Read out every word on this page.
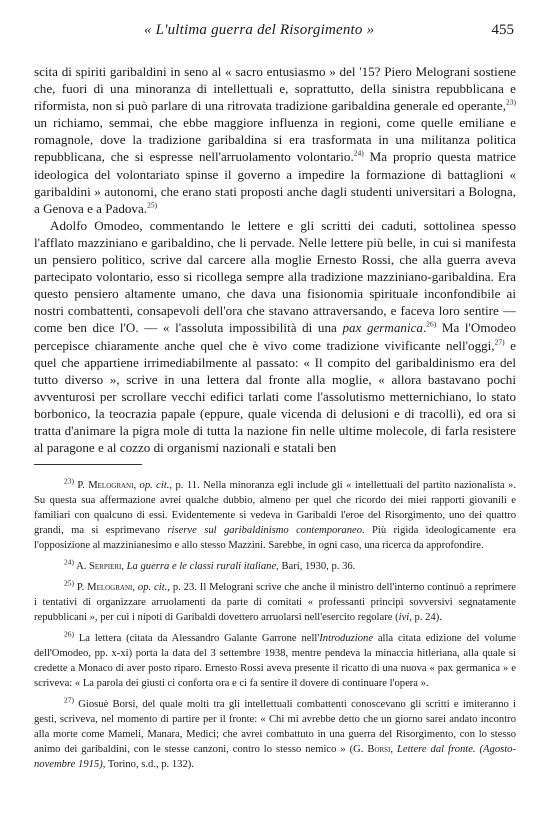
« L'ultima guerra del Risorgimento »	455

scita di spiriti garibaldini in seno al « sacro entusiasmo » del '15? Piero Melograni sostiene che, fuori di una minoranza di intellettuali e, soprattutto, della sinistra repubblicana e riformista, non si può parlare di una ritrovata tradizione garibaldina generale ed operante,$^{23)}$ un richiamo, semmai, che ebbe maggiore influenza in regioni, come quelle emiliane e romagnole, dove la tradizione garibaldina si era trasformata in una militanza politica repubblicana, che si espresse nell'arruolamento volontario.$^{24)}$ Ma proprio questa matrice ideologica del volontariato spinse il governo a impedire la formazione di battaglioni « garibaldini » autonomi, che erano stati proposti anche dagli studenti universitari a Bologna, a Genova e a Padova.$^{25)}$

Adolfo Omodeo, commentando le lettere e gli scritti dei caduti, sottolinea spesso l'afflato mazziniano e garibaldino, che li pervade. Nelle lettere più belle, in cui si manifesta un pensiero politico, scrive dal carcere alla moglie Ernesto Rossi, che alla guerra aveva partecipato volontario, esso si ricollega sempre alla tradizione mazziniano-garibaldina. Era questo pensiero altamente umano, che dava una fisionomia spirituale inconfondibile ai nostri combattenti, consapevoli dell'ora che stavano attraversando, e faceva loro sentire — come ben dice l'O. — « l'assoluta impossibilità di una pax germanica.$^{26)}$ Ma l'Omodeo percepisce chiaramente anche quel che è vivo come tradizione vivificante nell'oggi,$^{27)}$ e quel che appartiene irrimediabilmente al passato: « Il compito del garibaldinismo era del tutto diverso », scrive in una lettera dal fronte alla moglie, « allora bastavano pochi avventurosi per scrollare vecchi edifici tarlati come l'assolutismo metternichiano, lo stato borbonico, la teocrazia papale (eppure, quale vicenda di delusioni e di tracolli), ed ora si tratta d'animare la pigra mole di tutta la nazione fin nelle ultime molecole, di farla resistere al paragone e al cozzo di organismi nazionali e statali ben

$^{23)}$ P. Melograni, op. cit., p. 11. Nella minoranza egli include gli « intellettuali del partito nazionalista ». Su questa sua affermazione avrei qualche dubbio, almeno per quel che ricordo dei miei rapporti giovanili e familiari con qualcuno di essi. Evidentemente si vedeva in Garibaldi l'eroe del Risorgimento, uno dei quattro grandi, ma si esprimevano riserve sul garibaldinismo contemporaneo. Più rigida ideologicamente era l'opposizione al mazzinianesimo e allo stesso Mazzini. Sarebbe, in ogni caso, una ricerca da approfondire.

$^{24)}$ A. Serpieri, La guerra e le classi rurali italiane, Bari, 1930, p. 36.

$^{25)}$ P. Melograni, op. cit., p. 23. Il Melograni scrive che anche il ministro dell'interno continuò a reprimere i tentativi di organizzare arruolamenti da parte di comitati « professanti principi sovversivi segnatamente repubblicani », per cui i nipoti di Garibaldi dovettero arruolarsi nell'esercito regolare (ivi, p. 24).

$^{26)}$ La lettera (citata da Alessandro Galante Garrone nell'Introduzione alla citata edizione del volume dell'Omodeo, pp. x-xi) porta la data del 3 settembre 1938, mentre pendeva la minaccia hitleriana, alla quale si credette a Monaco di aver posto riparo. Ernesto Rossi aveva presente il ricatto di una nuova « pax germanica » e scriveva: « La parola dei giusti ci conforta ora e ci fa sentire il dovere di continuare l'opera ».

$^{27)}$ Giosuè Borsi, del quale molti tra gli intellettuali combattenti conoscevano gli scritti e imiteranno i gesti, scriveva, nel momento di partire per il fronte: « Chi mi avrebbe detto che un giorno sarei andato incontro alla morte come Mameli, Manara, Medici; che avrei combattuto in una guerra del Risorgimento, con lo stesso animo dei garibaldini, con le stesse canzoni, contro lo stesso nemico » (G. Borsi, Lettere dal fronte. (Agosto-novembre 1915), Torino, s.d., p. 132).
